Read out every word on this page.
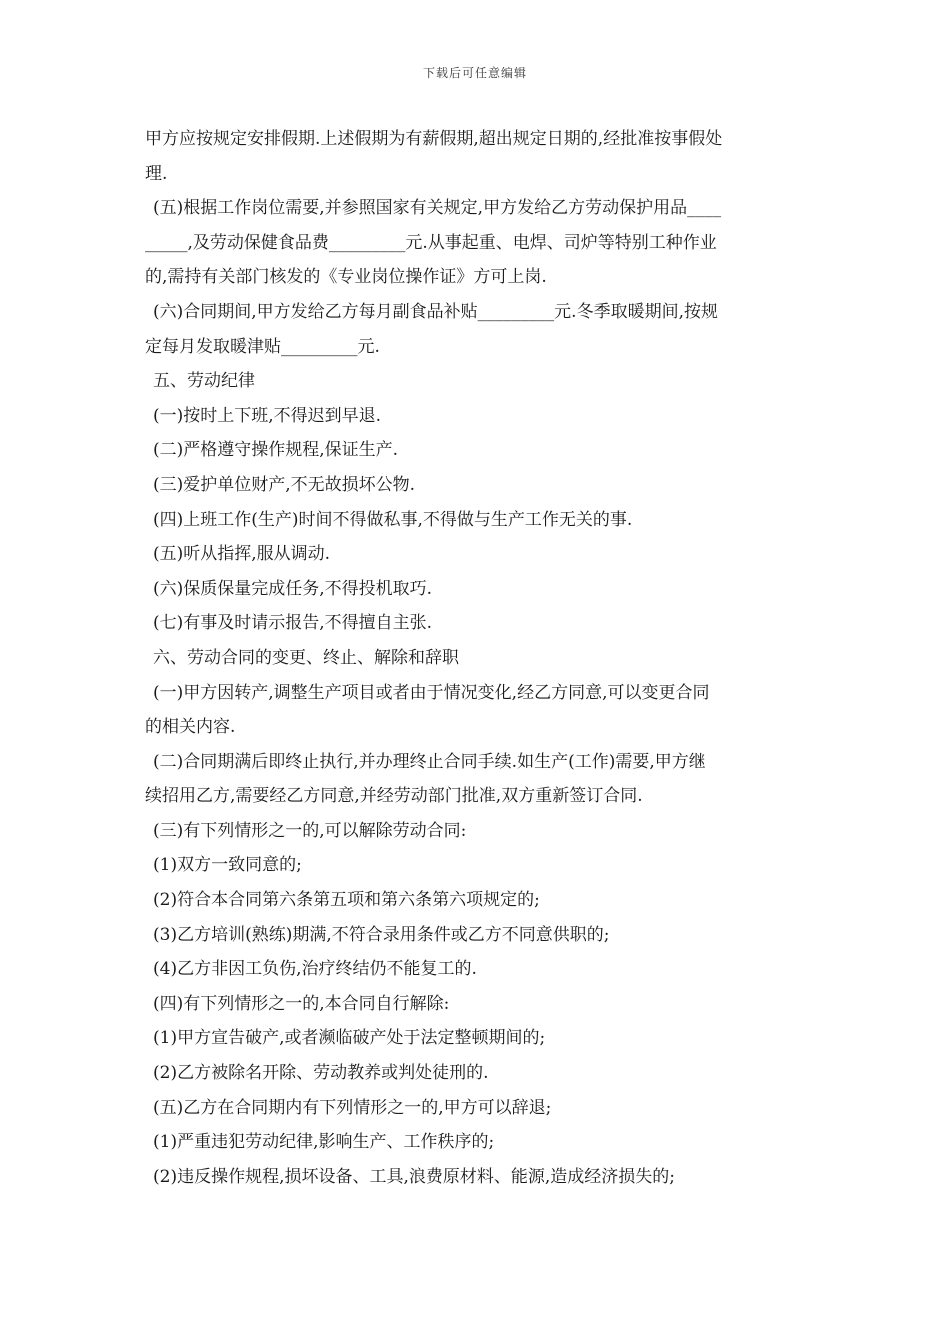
下载后可任意编辑
甲方应按规定安排假期.上述假期为有薪假期,超出规定日期的,经批准按事假处
理.
(五)根据工作岗位需要,并参照国家有关规定,甲方发给乙方劳动保护用品____
_____,及劳动保健食品费_________元.从事起重、电焊、司炉等特别工种作业
的,需持有关部门核发的《专业岗位操作证》方可上岗.
(六)合同期间,甲方发给乙方每月副食品补贴_________元.冬季取暖期间,按规
定每月发取暖津贴_________元.
五、劳动纪律
(一)按时上下班,不得迟到早退.
(二)严格遵守操作规程,保证生产.
(三)爱护单位财产,不无故损坏公物.
(四)上班工作(生产)时间不得做私事,不得做与生产工作无关的事.
(五)听从指挥,服从调动.
(六)保质保量完成任务,不得投机取巧.
(七)有事及时请示报告,不得擅自主张.
六、劳动合同的变更、终止、解除和辞职
(一)甲方因转产,调整生产项目或者由于情况变化,经乙方同意,可以变更合同
的相关内容.
(二)合同期满后即终止执行,并办理终止合同手续.如生产(工作)需要,甲方继
续招用乙方,需要经乙方同意,并经劳动部门批准,双方重新签订合同.
(三)有下列情形之一的,可以解除劳动合同:
(1)双方一致同意的;
(2)符合本合同第六条第五项和第六条第六项规定的;
(3)乙方培训(熟练)期满,不符合录用条件或乙方不同意供职的;
(4)乙方非因工负伤,治疗终结仍不能复工的.
(四)有下列情形之一的,本合同自行解除:
(1)甲方宣告破产,或者濒临破产处于法定整顿期间的;
(2)乙方被除名开除、劳动教养或判处徒刑的.
(五)乙方在合同期内有下列情形之一的,甲方可以辞退;
(1)严重违犯劳动纪律,影响生产、工作秩序的;
(2)违反操作规程,损坏设备、工具,浪费原材料、能源,造成经济损失的;
